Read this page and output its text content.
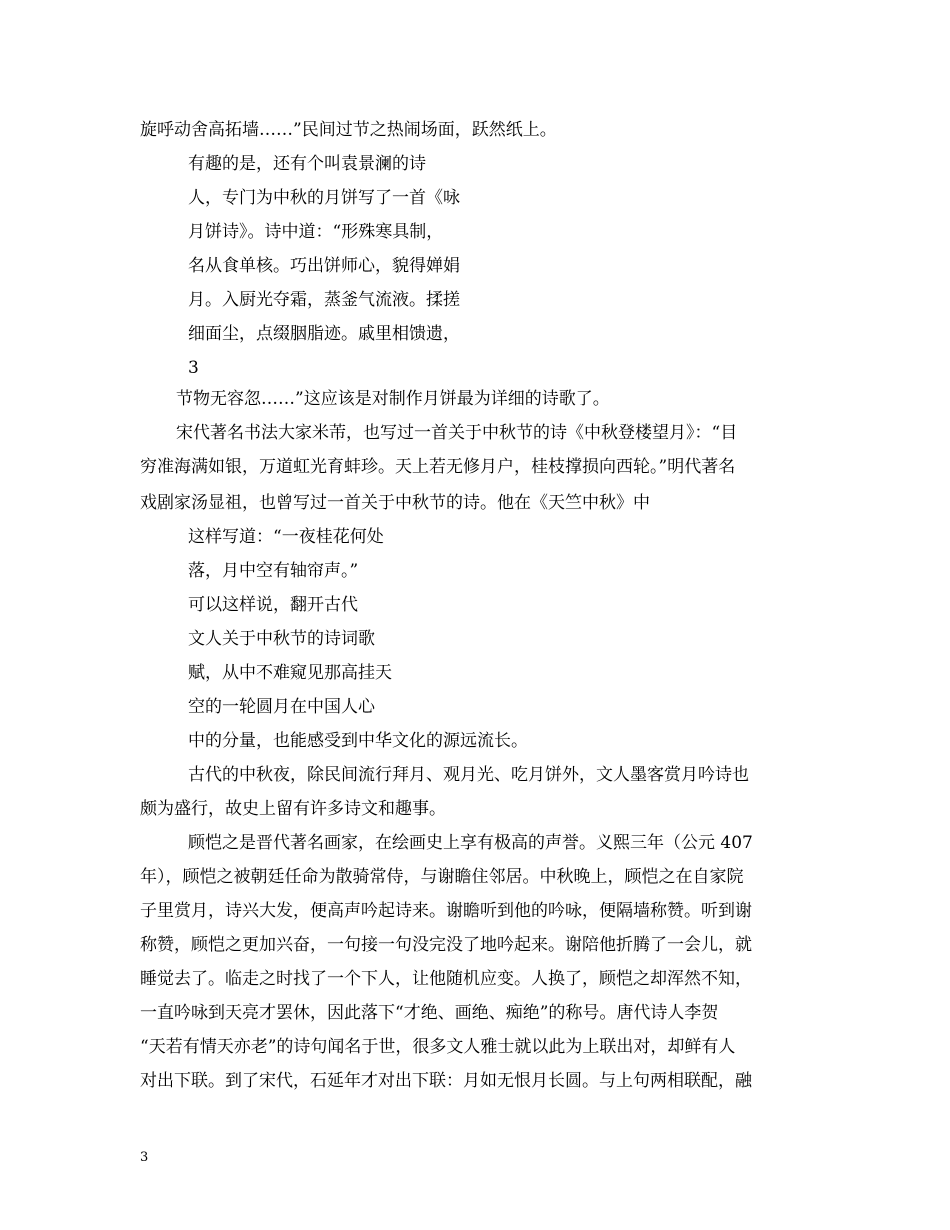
旋呼动舍高拓墙……”民间过节之热闹场面，跃然纸上。
有趣的是，还有个叫袁景澜的诗
人，专门为中秋的月饼写了一首《咏
月饼诗》。诗中道：“形殊寒具制，
名从食单核。巧出饼师心，貌得婵娟
月。入厨光夺霜，蒸釜气流液。揉搓
细面尘，点缀胭脂迹。戚里相馈遗，
3
节物无容忽……”这应该是对制作月饼最为详细的诗歌了。
宋代著名书法大家米芾，也写过一首关于中秋节的诗《中秋登楼望月》：“目
穷准海满如银，万道虹光育蚌珍。天上若无修月户，桂枝撑损向西轮。”明代著名
戏剧家汤显祖，也曾写过一首关于中秋节的诗。他在《天竺中秋》中
这样写道：“一夜桂花何处
落，月中空有轴帘声。”
可以这样说，翻开古代
文人关于中秋节的诗词歌
赋，从中不难窥见那高挂天
空的一轮圆月在中国人心
中的分量，也能感受到中华文化的源远流长。
古代的中秋夜，除民间流行拜月、观月光、吃月饼外，文人墨客赏月吟诗也
颇为盛行，故史上留有许多诗文和趣事。
顾恺之是晋代著名画家，在绘画史上享有极高的声誉。义熙三年（公元 407
年），顾恺之被朝廷任命为散骑常侍，与谢瞻住邻居。中秋晚上，顾恺之在自家院
子里赏月，诗兴大发，便高声吟起诗来。谢瞻听到他的吟咏，便隔墙称赞。听到谢
称赞，顾恺之更加兴奋，一句接一句没完没了地吟起来。谢陪他折腾了一会儿，就
睡觉去了。临走之时找了一个下人，让他随机应变。人换了，顾恺之却浑然不知，
一直吟咏到天亮才罢休，因此落下“才绝、画绝、痴绝”的称号。唐代诗人李贺
“天若有情天亦老”的诗句闻名于世，很多文人雅士就以此为上联出对，却鲜有人
对出下联。到了宋代，石延年才对出下联：月如无恨月长圆。与上句两相联配，融
3
